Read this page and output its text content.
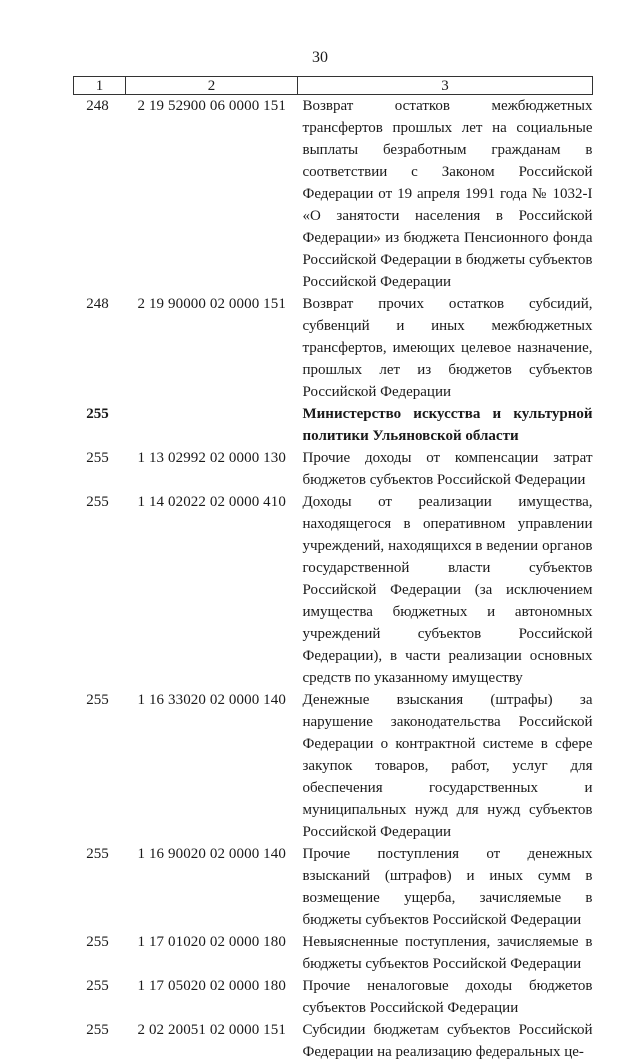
30
1	2	3
248	2 19 52900 06 0000 151	Возврат остатков межбюджетных трансфертов прошлых лет на социальные выплаты безработным гражданам в соответствии с Законом Российской Федерации от 19 апреля 1991 года № 1032-I «О занятости населения в Российской Федерации» из бюджета Пенсионного фонда Российской Федерации в бюджеты субъектов Российской Федерации
248	2 19 90000 02 0000 151	Возврат прочих остатков субсидий, субвенций и иных межбюджетных трансфертов, имеющих целевое назначение, прошлых лет из бюджетов субъектов Российской Федерации
255		Министерство искусства и культурной политики Ульяновской области
255	1 13 02992 02 0000 130	Прочие доходы от компенсации затрат бюджетов субъектов Российской Федерации
255	1 14 02022 02 0000 410	Доходы от реализации имущества, находящегося в оперативном управлении учреждений, находящихся в ведении органов государственной власти субъектов Российской Федерации (за исключением имущества бюджетных и автономных учреждений субъектов Российской Федерации), в части реализации основных средств по указанному имуществу
255	1 16 33020 02 0000 140	Денежные взыскания (штрафы) за нарушение законодательства Российской Федерации о контрактной системе в сфере закупок товаров, работ, услуг для обеспечения государственных и муниципальных нужд для нужд субъектов Российской Федерации
255	1 16 90020 02 0000 140	Прочие поступления от денежных взысканий (штрафов) и иных сумм в возмещение ущерба, зачисляемые в бюджеты субъектов Российской Федерации
255	1 17 01020 02 0000 180	Невыясненные поступления, зачисляемые в бюджеты субъектов Российской Федерации
255	1 17 05020 02 0000 180	Прочие неналоговые доходы бюджетов субъектов Российской Федерации
255	2 02 20051 02 0000 151	Субсидии бюджетам субъектов Российской Федерации на реализацию федеральных це-
